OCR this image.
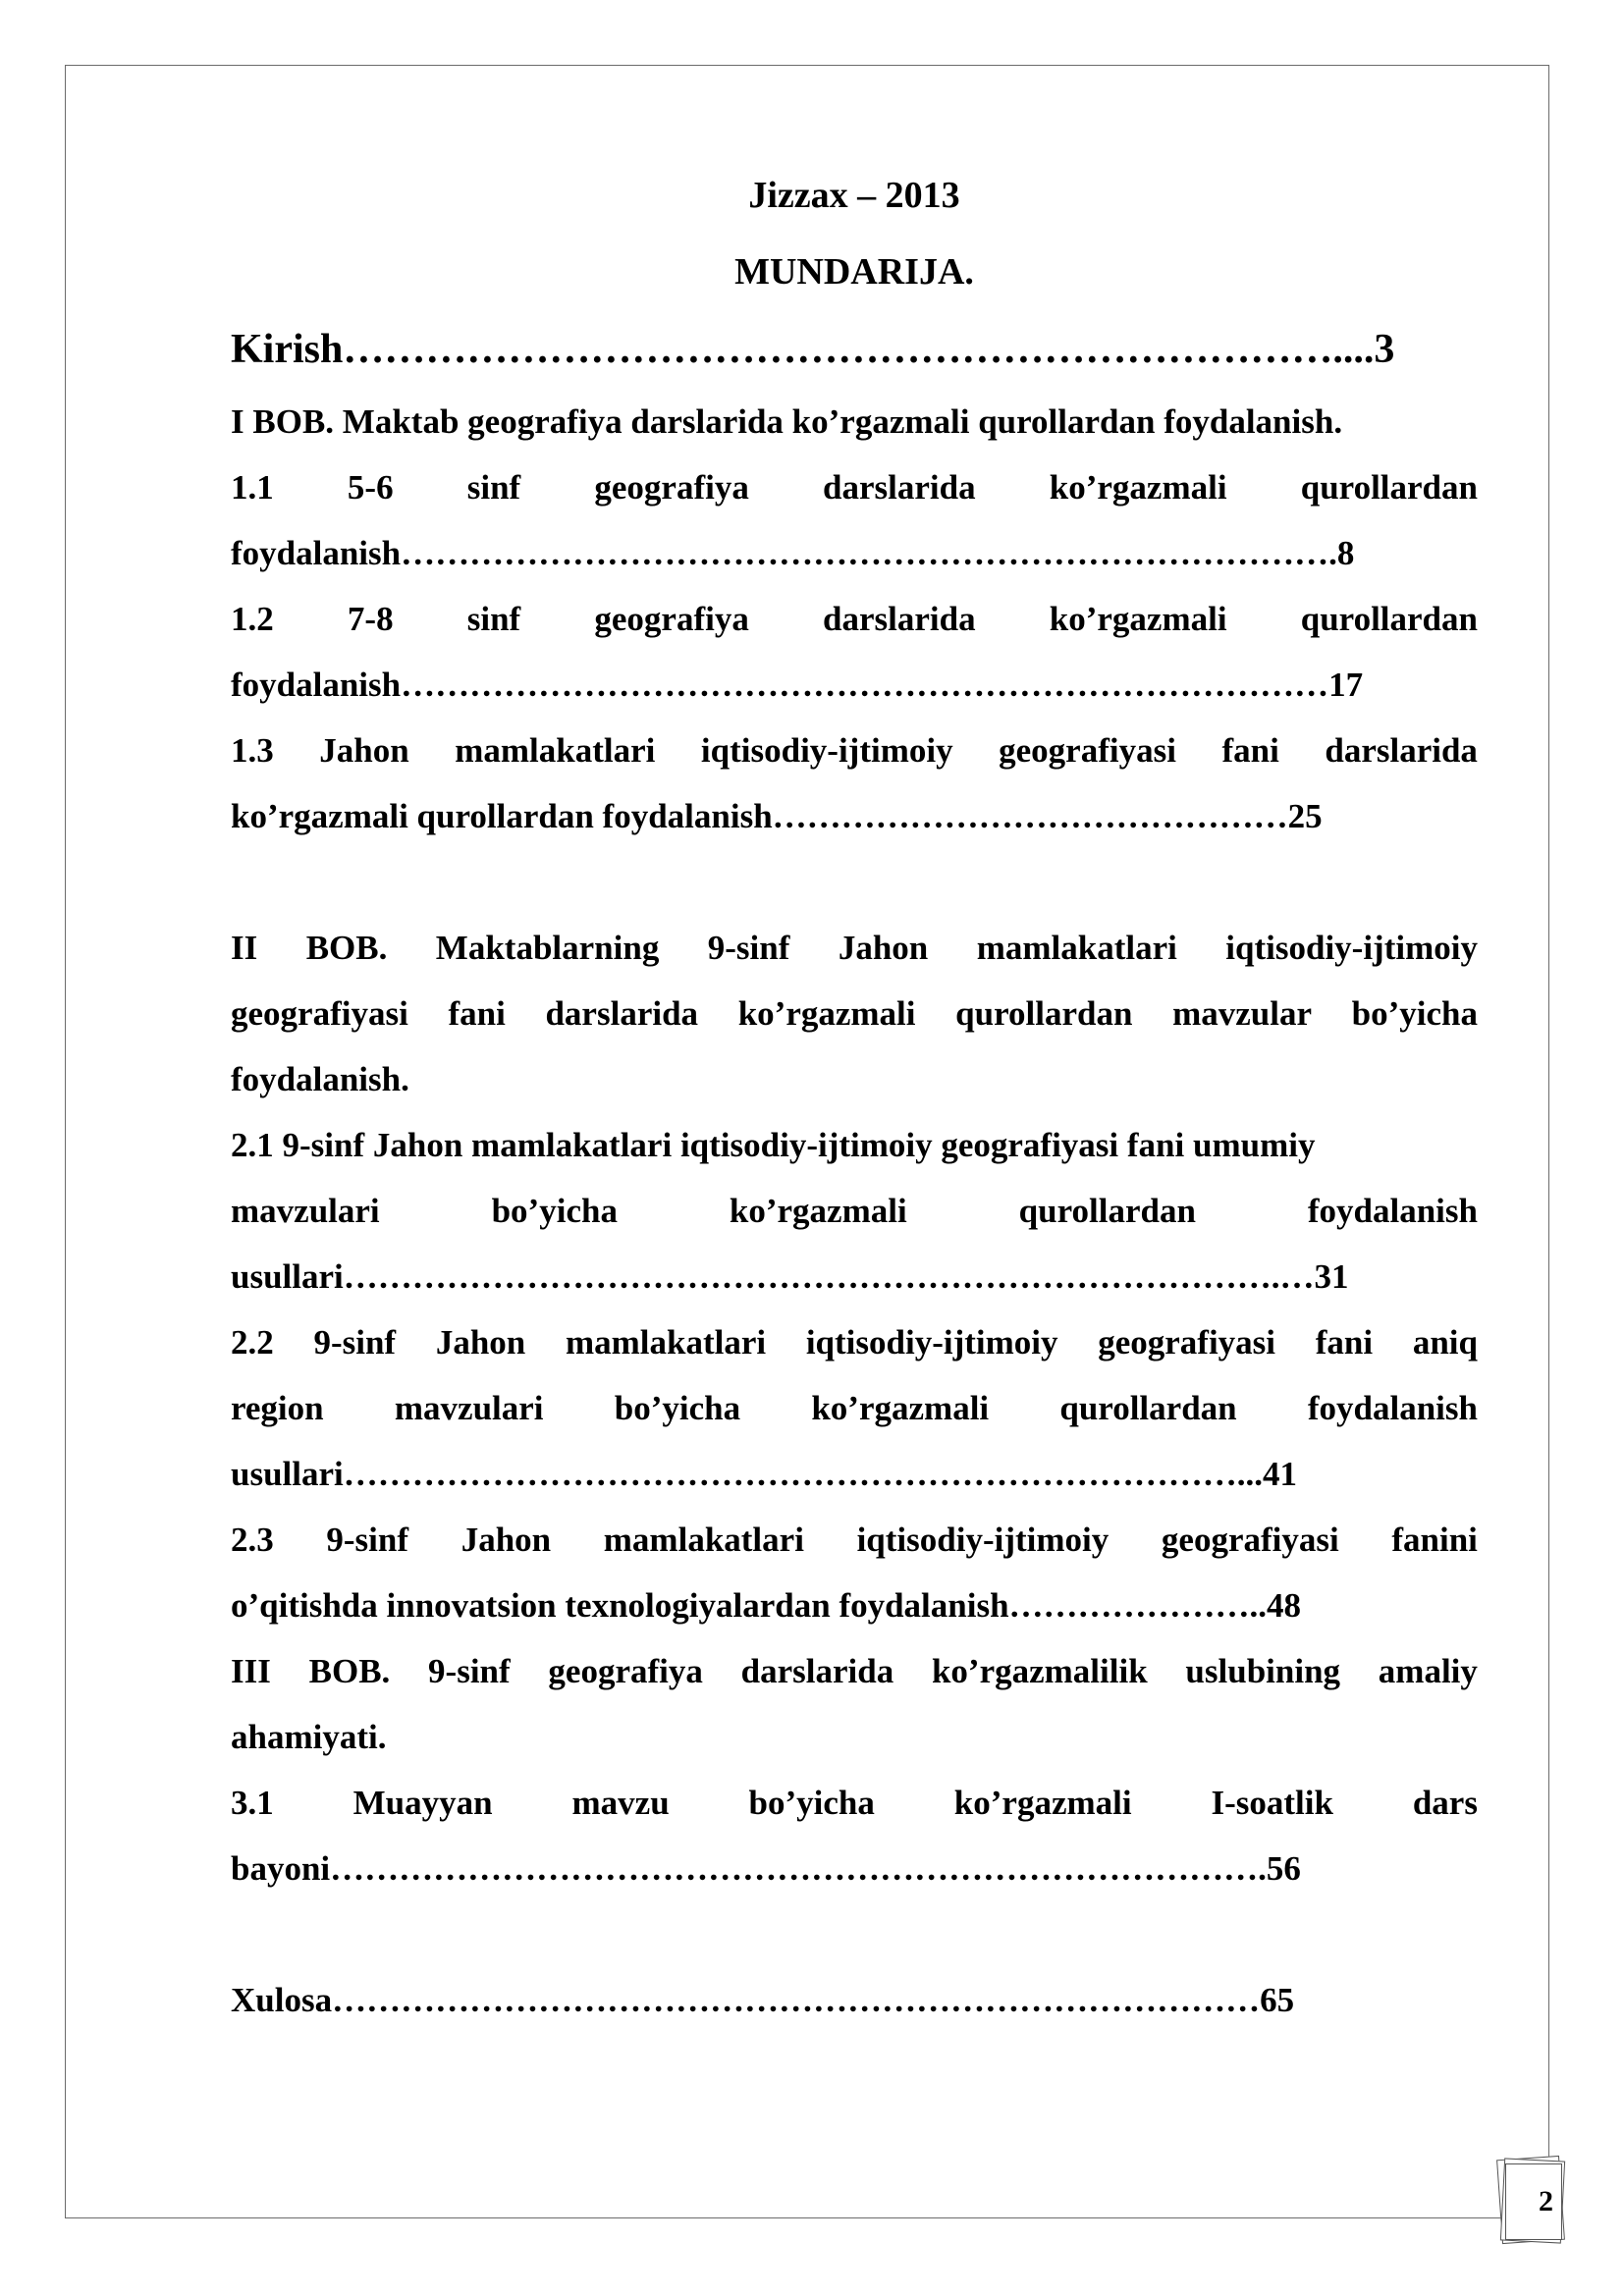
Jizzax – 2013
MUNDARIJA.
Kirish………………………………………………………………....3
I BOB. Maktab geografiya darslarida ko’rgazmali qurollardan foydalanish.
1.1 5-6 sinf geografiya darslarida ko’rgazmali qurollardan
foydalanish……………………………………………………………………….8
1.2 7-8 sinf geografiya darslarida ko’rgazmali qurollardan
foydalanish………………………………………………………………………17
1.3 Jahon mamlakatlari iqtisodiy-ijtimoiy geografiyasi fani darslarida
ko’rgazmali qurollardan foydalanish………………………………………25
II BOB. Maktablarning 9-sinf Jahon mamlakatlari iqtisodiy-ijtimoiy
geografiyasi fani darslarida ko’rgazmali qurollardan mavzular bo’yicha
foydalanish.
2.1 9-sinf Jahon mamlakatlari iqtisodiy-ijtimoiy geografiyasi fani umumiy
mavzulari	bo’yicha	ko’rgazmali	qurollardan	foydalanish
usullari……………………………………………………………………….…31
2.2 9-sinf Jahon mamlakatlari iqtisodiy-ijtimoiy geografiyasi fani aniq
region mavzulari bo’yicha ko’rgazmali qurollardan foydalanish
usullari……………………………………………………………………...41
2.3 9-sinf Jahon mamlakatlari iqtisodiy-ijtimoiy geografiyasi fanini
o’qitishda innovatsion texnologiyalardan foydalanish…………………..48
III BOB. 9-sinf geografiya darslarida ko’rgazmalilik uslubining amaliy
ahamiyati.
3.1 Muayyan mavzu bo’yicha ko’rgazmali I-soatlik dars
bayoni……………………………………………………………………….56
Xulosa………………………………………………………………………65
2
